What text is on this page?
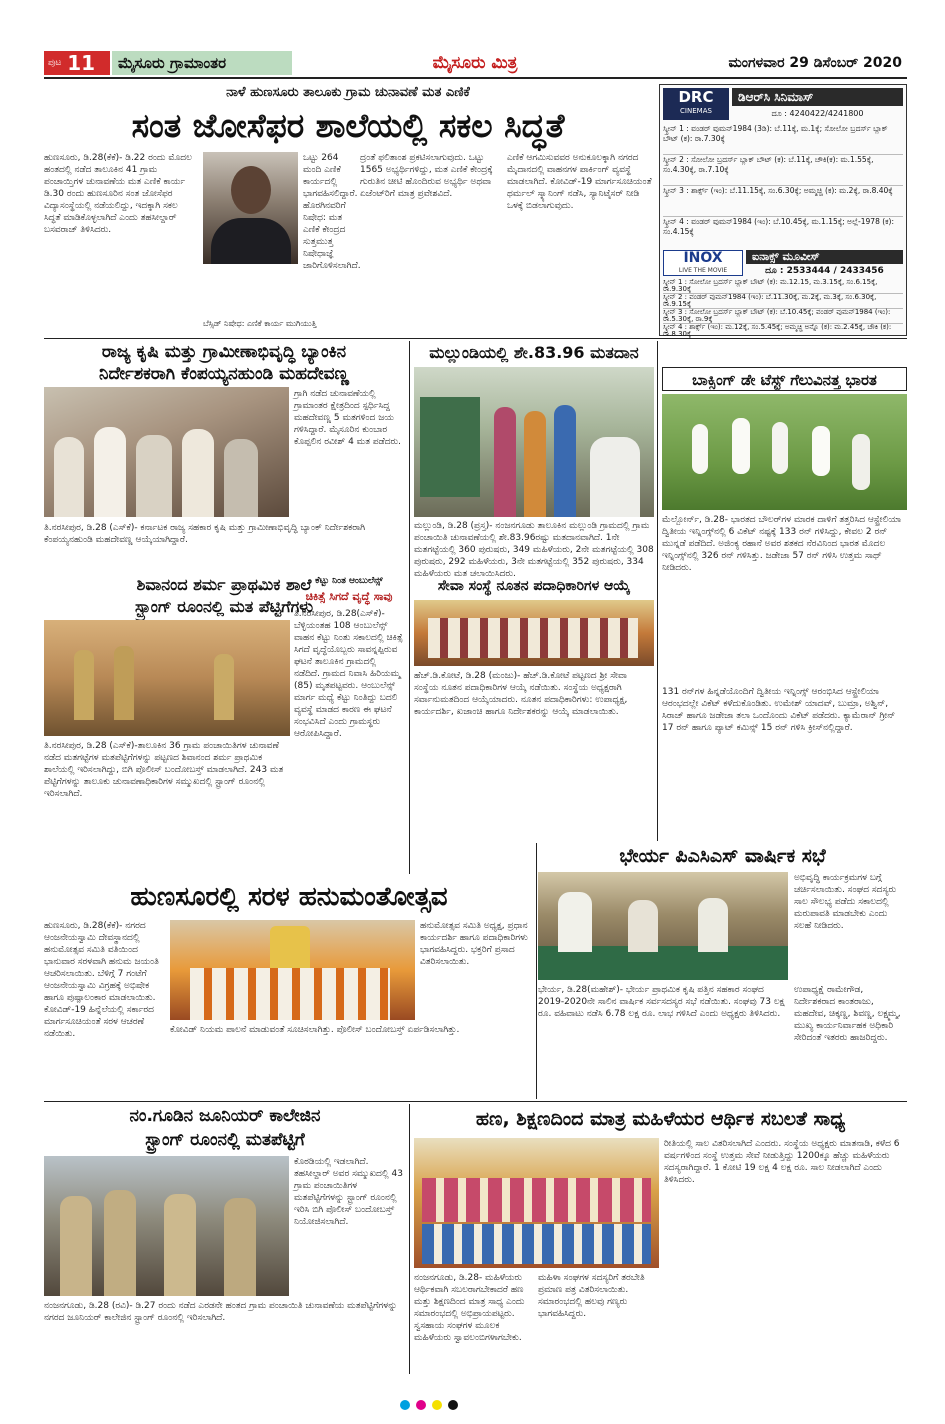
ಪುಟ 11	ಮೈಸೂರು ಗ್ರಾಮಾಂತರ	ಮೈಸೂರು ಮಿತ್ರ	ಮಂಗಳವಾರ 29 ಡಿಸೆಂಬರ್ 2020
ನಾಳೆ ಹುಣಸೂರು ತಾಲೂಕು ಗ್ರಾಮ ಚುನಾವಣೆ ಮತ ಎಣಿಕೆ
ಸಂತ ಜೋಸೆಫರ ಶಾಲೆಯಲ್ಲಿ ಸಕಲ ಸಿದ್ಧತೆ
ಹುಣಸೂರು, ಡಿ.28(ಕೆಕೆ)- ಡಿ.22 ರಂದು ಮೊದಲ ಹಂತದಲ್ಲಿ ನಡೆದ ತಾಲೂಕಿನ 41 ಗ್ರಾಮ ಪಂಚಾಯ್ತಿಗಳ ಚುನಾವಣೆಯ ಮತ ಎಣಿಕೆ ಕಾರ್ಯ ಡಿ.30 ರಂದು ಹುಣಸೂರಿನ ಸಂತ ಜೋಸೆಫರ ವಿದ್ಯಾಸಂಸ್ಥೆಯಲ್ಲಿ ನಡೆಯಲಿದ್ದು, ಇದಕ್ಕಾಗಿ ಸಕಲ ಸಿದ್ಧತೆ ಮಾಡಿಕೊಳ್ಳಲಾಗಿದೆ ಎಂದು ತಹಸೀಲ್ದಾರ್ ಬಸವರಾಜ್ ತಿಳಿಸಿದರು.
ಬೆಸ್ಸಿಡ್ ನಿಷೇಧ: ಎಣಿಕೆ ಕಾರ್ಯ ಮುಗಿಯುತ್ತಿ
ಒಟ್ಟು 264 ಮಂದಿ ಎಣಿಕೆ ಕಾರ್ಯದಲ್ಲಿ ಭಾಗವಹಿಸಲಿದ್ದಾರೆ. ಹೊರಗಿನವರಿಗೆ ನಿಷೇಧ: ಮತ ಎಣಿಕೆ ಕೇಂದ್ರದ ಸುತ್ತಮುತ್ತ ನಿಷೇಧಾಜ್ಞೆ ಜಾರಿಗೊಳಿಸಲಾಗಿದೆ.
ದ್ರಂತೆ ಫಲಿತಾಂಶ ಪ್ರಕಟಿಸಲಾಗುವುದು. ಒಟ್ಟು 1565 ಅಭ್ಯರ್ಥಿಗಳಿದ್ದು, ಮತ ಎಣಿಕೆ ಕೇಂದ್ರಕ್ಕೆ ಗುರುತಿನ ಚೀಟಿ ಹೊಂದಿರುವ ಅಭ್ಯರ್ಥಿ ಅಥವಾ ಏಜೆಂಟ್‌ರಿಗೆ ಮಾತ್ರ ಪ್ರವೇಶವಿದೆ.
ಎಣಿಕೆ ಆಗಮಿಸುವವರ ಅನುಕೂಲಕ್ಕಾಗಿ ನಗರದ ಮೈದಾನದಲ್ಲಿ ವಾಹನಗಳ ಪಾರ್ಕಿಂಗ್ ವ್ಯವಸ್ಥೆ ಮಾಡಲಾಗಿದೆ. ಕೋವಿಡ್-19 ಮಾರ್ಗಸೂಚಿಯಂತೆ ಥರ್ಮಲ್ ಸ್ಕ್ಯಾನಿಂಗ್ ನಡೆಸಿ, ಸ್ಯಾನಿಟೈಸರ್ ನೀಡಿ ಒಳಕ್ಕೆ ಬಿಡಲಾಗುವುದು.
DRC
CINEMAS
ಡಿಆರ್‌ಸಿ ಸಿನಿಮಾಸ್
ದೂ : 4240422/4241800
ಸ್ಕ್ರೀನ್ 1 : ವಂಡರ್ ವುಮನ್1984 (3ಡಿ): ಬೆ.11ಕ್ಕೆ, ಮ.1ಕ್ಕೆ; ಸೋಲೋ ಬ್ರದರ್ಸ್ ಬ್ಲಾಕ್ ಬೌಟ್ (ಕ): ರಾ.7.30ಕ್ಕೆ
ಸ್ಕ್ರೀನ್ 2 : ಸೋಲೋ ಬ್ರದರ್ಸ್ ಬ್ಲಾಕ್ ಬೌಟ್ (ಕ): ಬೆ.11ಕ್ಕೆ, ಚೌಕಿ(ಕ): ಮ.1.55ಕ್ಕೆ, ಸಂ.4.30ಕ್ಕೆ, ರಾ.7.10ಕ್ಕೆ
ಸ್ಕ್ರೀನ್ 3 : ಶಾರ್ಕ್ಸ್ (ಇಂ): ಬೆ.11.15ಕ್ಕೆ, ಸಂ.6.30ಕ್ಕೆ; ಅಮ್ಮಚ್ಚಿ (ಕ): ಮ.2ಕ್ಕೆ, ರಾ.8.40ಕ್ಕೆ
ಸ್ಕ್ರೀನ್ 4 : ವಂಡರ್ ವುಮನ್1984 (ಇಂ): ಬೆ.10.45ಕ್ಕೆ, ಮ.1.15ಕ್ಕೆ; ಅಲ್ಲೆ-1978 (ಕ): ಸಂ.4.15ಕ್ಕೆ
INOX
LIVE THE MOVIE
ಐನಾಕ್ಸ್ ಮೂವೀಸ್
ದೂ : 2533444 / 2433456
ಸ್ಕ್ರೀನ್ 1 : ಸೋಲೋ ಬ್ರದರ್ಸ್ ಬ್ಲಾಕ್ ಬೌಟ್ (ಕ): ಮ.12.15, ಮ.3.15ಕ್ಕೆ, ಸಂ.6.15ಕ್ಕೆ, ರಾ.9.30ಕ್ಕೆ
ಸ್ಕ್ರೀನ್ 2 : ವಂಡರ್ ವುಮನ್1984 (ಇಂ): ಬೆ.11.30ಕ್ಕೆ, ಮ.2ಕ್ಕೆ, ಮ.3ಕ್ಕೆ, ಸಂ.6.30ಕ್ಕೆ, ರಾ.9.15ಕ್ಕೆ
ಸ್ಕ್ರೀನ್ 3 : ಸೋಲೋ ಬ್ರದರ್ಸ್ ಬ್ಲಾಕ್ ಬೌಟ್ (ಕ): ಬೆ.10.45ಕ್ಕೆ; ವಂಡರ್ ವುಮನ್1984 (ಇಂ): ರಾ.5.30ಕ್ಕೆ, ರಾ.9ಕ್ಕೆ
ಸ್ಕ್ರೀನ್ 4 : ಶಾರ್ಕ್ಸ್ (ಇಂ): ಮ.12ಕ್ಕೆ, ಸಂ.5.45ಕ್ಕೆ; ಅಮ್ಮಚ್ಚಿ ಅನ್ನೊ (ಕ): ಮ.2.45ಕ್ಕೆ, ಚೌಕಿ (ಕ): ರಾ.8.30ಕ್ಕೆ
ರಾಜ್ಯ ಕೃಷಿ ಮತ್ತು ಗ್ರಾಮೀಣಾಭಿವೃದ್ಧಿ ಬ್ಯಾಂಕಿನ
ನಿರ್ದೇಶಕರಾಗಿ ಕೆಂಪಯ್ಯನಹುಂಡಿ ಮಹದೇವಣ್ಣ
ಗ್ರಾಗಿ ನಡೆದ ಚುನಾವಣೆಯಲ್ಲಿ ಗ್ರಾಮಾಂತರ ಕ್ಷೇತ್ರದಿಂದ ಸ್ಪರ್ಧಿಸಿದ್ದ ಮಹದೇವಣ್ಣ 5 ಮತಗಳಿಂದ ಜಯ ಗಳಿಸಿದ್ದಾರೆ. ಮೈಸೂರಿನ ಕುಂಬಾರ ಕೊಪ್ಪಲಿನ ರವೀಶ್ 4 ಮತ ಪಡೆದರು.
ತಿ.ನರಸೀಪುರ, ಡಿ.28 (ಎಸ್‌ಕೆ)- ಕರ್ನಾಟಕ ರಾಜ್ಯ ಸಹಕಾರ ಕೃಷಿ ಮತ್ತು ಗ್ರಾಮೀಣಾಭಿವೃದ್ಧಿ ಬ್ಯಾಂಕ್ ನಿರ್ದೇಶಕರಾಗಿ ಕೆಂಪಯ್ಯನಹುಂಡಿ ಮಹದೇವಣ್ಣ ಆಯ್ಕೆಯಾಗಿದ್ದಾರೆ.
ಮಲ್ಲುಂಡಿಯಲ್ಲಿ ಶೇ.83.96 ಮತದಾನ
ಮಲ್ಲುಂಡಿ, ಡಿ.28 (ಪ್ರಸ್ತ)- ನಂಜನಗೂಡು ತಾಲೂಕಿನ ಮಲ್ಲುಂಡಿ ಗ್ರಾಮದಲ್ಲಿ ಗ್ರಾಮ ಪಂಚಾಯಿತಿ ಚುನಾವಣೆಯಲ್ಲಿ ಶೇ.83.96ರಷ್ಟು ಮತದಾನವಾಗಿದೆ. 1ನೇ ಮತಗಟ್ಟೆಯಲ್ಲಿ 360 ಪುರುಷರು, 349 ಮಹಿಳೆಯರು, 2ನೇ ಮತಗಟ್ಟೆಯಲ್ಲಿ 308 ಪುರುಷರು, 292 ಮಹಿಳೆಯರು, 3ನೇ ಮತಗಟ್ಟೆಯಲ್ಲಿ 352 ಪುರುಷರು, 334 ಮಹಿಳೆಯರು ಮತ ಚಲಾಯಿಸಿದರು.
ಬಾಕ್ಸಿಂಗ್ ಡೇ ಟೆಸ್ಟ್ ಗೆಲುವಿನತ್ತ ಭಾರತ
ಮೆಲ್ಬೋರ್ನ್, ಡಿ.28- ಭಾರತದ ಬೌಲರ್‌ಗಳ ಮಾರಕ ದಾಳಿಗೆ ತತ್ತರಿಸಿದ ಆಸ್ಟ್ರೇಲಿಯಾ ದ್ವಿತೀಯ ಇನ್ನಿಂಗ್ಸ್‌ನಲ್ಲಿ 6 ವಿಕೆಟ್ ನಷ್ಟಕ್ಕೆ 133 ರನ್ ಗಳಿಸಿದ್ದು, ಕೇವಲ 2 ರನ್ ಮುನ್ನಡೆ ಪಡೆದಿದೆ. ಅಜಿಂಕ್ಯ ರಹಾನೆ ಅವರ ಶತಕದ ನೆರವಿನಿಂದ ಭಾರತ ಮೊದಲ ಇನ್ನಿಂಗ್ಸ್‌ನಲ್ಲಿ 326 ರನ್ ಗಳಿಸಿತ್ತು. ಜಡೇಜಾ 57 ರನ್ ಗಳಿಸಿ ಉತ್ತಮ ಸಾಥ್ ನೀಡಿದರು.
131 ರನ್‌ಗಳ ಹಿನ್ನಡೆಯೊಂದಿಗೆ ದ್ವಿತೀಯ ಇನ್ನಿಂಗ್ಸ್ ಆರಂಭಿಸಿದ ಆಸ್ಟ್ರೇಲಿಯಾ ಆರಂಭದಲ್ಲೇ ವಿಕೆಟ್ ಕಳೆದುಕೊಂಡಿತು. ಉಮೇಶ್ ಯಾದವ್, ಬುಮ್ರಾ, ಅಶ್ವಿನ್, ಸಿರಾಜ್ ಹಾಗೂ ಜಡೇಜಾ ತಲಾ ಒಂದೊಂದು ವಿಕೆಟ್ ಪಡೆದರು. ಕ್ಯಾಮೆರಾನ್ ಗ್ರೀನ್ 17 ರನ್ ಹಾಗೂ ಪ್ಯಾಟ್ ಕಮಿನ್ಸ್ 15 ರನ್ ಗಳಿಸಿ ಕ್ರೀಸ್‌ನಲ್ಲಿದ್ದಾರೆ.
ಶಿವಾನಂದ ಶರ್ಮ ಪ್ರಾಥಮಿಕ ಶಾಲೆ
ಸ್ಟ್ರಾಂಗ್ ರೂಂನಲ್ಲಿ ಮತ ಪೆಟ್ಟಿಗೆಗಳು
ತಿ.ನರಸೀಪುರ, ಡಿ.28 (ಎಸ್‌ಕೆ)-ತಾಲೂಕಿನ 36 ಗ್ರಾಮ ಪಂಚಾಯಿತಿಗಳ ಚುನಾವಣೆ ನಡೆದ ಮತಗಟ್ಟೆಗಳ ಮತಪೆಟ್ಟಿಗೆಗಳನ್ನು ಪಟ್ಟಣದ ಶಿವಾನಂದ ಶರ್ಮ ಪ್ರಾಥಮಿಕ ಶಾಲೆಯಲ್ಲಿ ಇರಿಸಲಾಗಿದ್ದು, ಬಿಗಿ ಪೊಲೀಸ್ ಬಂದೋಬಸ್ತ್ ಮಾಡಲಾಗಿದೆ. 243 ಮತ ಪೆಟ್ಟಿಗೆಗಳನ್ನು ತಾಲೂಕು ಚುನಾವಣಾಧಿಕಾರಿಗಳ ಸಮ್ಮುಖದಲ್ಲಿ ಸ್ಟ್ರಾಂಗ್ ರೂಂನಲ್ಲಿ ಇರಿಸಲಾಗಿದೆ.
ಕೆಟ್ಟು ನಿಂತ ಆಂಬುಲೆನ್ಸ್
ಚಿಕಿತ್ಸೆ ಸಿಗದೆ ವೃದ್ಧೆ ಸಾವು
ತಿ.ನರಸೀಪುರ, ಡಿ.28(ಎಸ್‌ಕೆ)- ಬೆಳ್ಳಿಯಂತಹ 108 ಆಂಬುಲೆನ್ಸ್ ವಾಹನ ಕೆಟ್ಟು ನಿಂತು ಸಕಾಲದಲ್ಲಿ ಚಿಕಿತ್ಸೆ ಸಿಗದೆ ವೃದ್ಧೆಯೊಬ್ಬರು ಸಾವನ್ನಪ್ಪಿರುವ ಘಟನೆ ತಾಲೂಕಿನ ಗ್ರಾಮದಲ್ಲಿ ನಡೆದಿದೆ. ಗ್ರಾಮದ ನಿವಾಸಿ ಹಿರಿಯಮ್ಮ (85) ಮೃತಪಟ್ಟವರು. ಆಂಬುಲೆನ್ಸ್ ಮಾರ್ಗ ಮಧ್ಯೆ ಕೆಟ್ಟು ನಿಂತಿದ್ದು ಬದಲಿ ವ್ಯವಸ್ಥೆ ಮಾಡದ ಕಾರಣ ಈ ಘಟನೆ ಸಂಭವಿಸಿದೆ ಎಂದು ಗ್ರಾಮಸ್ಥರು ಆರೋಪಿಸಿದ್ದಾರೆ.
ಸೇವಾ ಸಂಸ್ಥೆ ನೂತನ ಪದಾಧಿಕಾರಿಗಳ ಆಯ್ಕೆ
ಹೆಚ್.ಡಿ.ಕೋಟೆ, ಡಿ.28 (ಮಂಜು)- ಹೆಚ್.ಡಿ.ಕೋಟೆ ಪಟ್ಟಣದ ಶ್ರೀ ಸೇವಾ ಸಂಸ್ಥೆಯ ನೂತನ ಪದಾಧಿಕಾರಿಗಳ ಆಯ್ಕೆ ನಡೆಯಿತು. ಸಂಸ್ಥೆಯ ಅಧ್ಯಕ್ಷರಾಗಿ ಸರ್ವಾನುಮತದಿಂದ ಆಯ್ಕೆಯಾದರು. ನೂತನ ಪದಾಧಿಕಾರಿಗಳು: ಉಪಾಧ್ಯಕ್ಷ, ಕಾರ್ಯದರ್ಶಿ, ಖಜಾಂಚಿ ಹಾಗೂ ನಿರ್ದೇಶಕರನ್ನು ಆಯ್ಕೆ ಮಾಡಲಾಯಿತು.
ಭೇರ್ಯ ಪಿಎಸಿಎಸ್ ವಾರ್ಷಿಕ ಸಭೆ
ಅಭಿವೃದ್ಧಿ ಕಾರ್ಯಕ್ರಮಗಳ ಬಗ್ಗೆ ಚರ್ಚಿಸಲಾಯಿತು. ಸಂಘದ ಸದಸ್ಯರು ಸಾಲ ಸೌಲಭ್ಯ ಪಡೆದು ಸಕಾಲದಲ್ಲಿ ಮರುಪಾವತಿ ಮಾಡಬೇಕು ಎಂದು ಸಲಹೆ ನೀಡಿದರು.
ಭೇರ್ಯ, ಡಿ.28(ಮಹೇಶ್)- ಭೇರ್ಯ ಪ್ರಾಥಮಿಕ ಕೃಷಿ ಪತ್ತಿನ ಸಹಕಾರ ಸಂಘದ 2019-2020ನೇ ಸಾಲಿನ ವಾರ್ಷಿಕ ಸರ್ವಸದಸ್ಯರ ಸಭೆ ನಡೆಯಿತು. ಸಂಘವು 73 ಲಕ್ಷ ರೂ. ವಹಿವಾಟು ನಡೆಸಿ 6.78 ಲಕ್ಷ ರೂ. ಲಾಭ ಗಳಿಸಿದೆ ಎಂದು ಅಧ್ಯಕ್ಷರು ತಿಳಿಸಿದರು.
ಉಪಾಧ್ಯಕ್ಷೆ ರಾಮೇಗೌಡ, ನಿರ್ದೇಶಕರಾದ ಕಾಂತರಾಜು, ಮಹದೇವ, ಚಿಕ್ಕಣ್ಣ, ಶಿವಣ್ಣ, ಲಕ್ಷ್ಮಮ್ಮ, ಮುಖ್ಯ ಕಾರ್ಯನಿರ್ವಾಹಕ ಅಧಿಕಾರಿ ಸೇರಿದಂತೆ ಇತರರು ಹಾಜರಿದ್ದರು.
ಹುಣಸೂರಲ್ಲಿ ಸರಳ ಹನುಮಂತೋತ್ಸವ
ಹುಣಸೂರು, ಡಿ.28(ಕೆಕೆ)- ನಗರದ ಆಂಜನೇಯಸ್ವಾಮಿ ದೇವಸ್ಥಾನದಲ್ಲಿ ಹನುಮೋತ್ಸವ ಸಮಿತಿ ವತಿಯಿಂದ ಭಾನುವಾರ ಸರಳವಾಗಿ ಹನುಮ ಜಯಂತಿ ಆಚರಿಸಲಾಯಿತು. ಬೆಳಿಗ್ಗೆ 7 ಗಂಟೆಗೆ ಆಂಜನೇಯಸ್ವಾಮಿ ವಿಗ್ರಹಕ್ಕೆ ಅಭಿಷೇಕ ಹಾಗೂ ಪುಷ್ಪಾಲಂಕಾರ ಮಾಡಲಾಯಿತು. ಕೋವಿಡ್-19 ಹಿನ್ನೆಲೆಯಲ್ಲಿ ಸರ್ಕಾರದ ಮಾರ್ಗಸೂಚಿಯಂತೆ ಸರಳ ಆಚರಣೆ ನಡೆಯಿತು.
ಹನುಮೋತ್ಸವ ಸಮಿತಿ ಅಧ್ಯಕ್ಷ, ಪ್ರಧಾನ ಕಾರ್ಯದರ್ಶಿ ಹಾಗೂ ಪದಾಧಿಕಾರಿಗಳು ಭಾಗವಹಿಸಿದ್ದರು. ಭಕ್ತರಿಗೆ ಪ್ರಸಾದ ವಿತರಿಸಲಾಯಿತು.
ಕೋವಿಡ್ ನಿಯಮ ಪಾಲನೆ ಮಾಡುವಂತೆ ಸೂಚಿಸಲಾಗಿತ್ತು. ಪೊಲೀಸ್ ಬಂದೋಬಸ್ತ್ ಏರ್ಪಡಿಸಲಾಗಿತ್ತು.
ನಂ.ಗೂಡಿನ ಜೂನಿಯರ್ ಕಾಲೇಜಿನ
ಸ್ಟ್ರಾಂಗ್ ರೂಂನಲ್ಲಿ ಮತಪೆಟ್ಟಿಗೆ
ಕೊಠಡಿಯಲ್ಲಿ ಇಡಲಾಗಿದೆ. ತಹಸೀಲ್ದಾರ್ ಅವರ ಸಮ್ಮುಖದಲ್ಲಿ 43 ಗ್ರಾಮ ಪಂಚಾಯಿತಿಗಳ ಮತಪೆಟ್ಟಿಗೆಗಳನ್ನು ಸ್ಟ್ರಾಂಗ್ ರೂಂನಲ್ಲಿ ಇರಿಸಿ ಬಿಗಿ ಪೊಲೀಸ್ ಬಂದೋಬಸ್ತ್ ನಿಯೋಜಿಸಲಾಗಿದೆ.
ನಂಜನಗೂಡು, ಡಿ.28 (ರವಿ)- ಡಿ.27 ರಂದು ನಡೆದ ಎರಡನೇ ಹಂತದ ಗ್ರಾಮ ಪಂಚಾಯಿತಿ ಚುನಾವಣೆಯ ಮತಪೆಟ್ಟಿಗೆಗಳನ್ನು ನಗರದ ಜೂನಿಯರ್ ಕಾಲೇಜಿನ ಸ್ಟ್ರಾಂಗ್ ರೂಂನಲ್ಲಿ ಇರಿಸಲಾಗಿದೆ.
ಹಣ, ಶಿಕ್ಷಣದಿಂದ ಮಾತ್ರ ಮಹಿಳೆಯರ ಆರ್ಥಿಕ ಸಬಲತೆ ಸಾಧ್ಯ
ನಂಜನಗೂಡು, ಡಿ.28- ಮಹಿಳೆಯರು ಆರ್ಥಿಕವಾಗಿ ಸಬಲರಾಗಬೇಕಾದರೆ ಹಣ ಮತ್ತು ಶಿಕ್ಷಣದಿಂದ ಮಾತ್ರ ಸಾಧ್ಯ ಎಂದು ಸಮಾರಂಭದಲ್ಲಿ ಅಭಿಪ್ರಾಯಪಟ್ಟರು. ಸ್ವಸಹಾಯ ಸಂಘಗಳ ಮೂಲಕ ಮಹಿಳೆಯರು ಸ್ವಾವಲಂಬಿಗಳಾಗಬೇಕು.
ಮಹಿಳಾ ಸಂಘಗಳ ಸದಸ್ಯರಿಗೆ ತರಬೇತಿ ಪ್ರಮಾಣ ಪತ್ರ ವಿತರಿಸಲಾಯಿತು. ಸಮಾರಂಭದಲ್ಲಿ ಹಲವು ಗಣ್ಯರು ಭಾಗವಹಿಸಿದ್ದರು.
ರೀತಿಯಲ್ಲಿ ಸಾಲ ವಿತರಿಸಲಾಗಿದೆ ಎಂದರು. ಸಂಸ್ಥೆಯ ಅಧ್ಯಕ್ಷರು ಮಾತನಾಡಿ, ಕಳೆದ 6 ವರ್ಷಗಳಿಂದ ಸಂಸ್ಥೆ ಉತ್ತಮ ಸೇವೆ ನೀಡುತ್ತಿದ್ದು 1200ಕ್ಕೂ ಹೆಚ್ಚು ಮಹಿಳೆಯರು ಸದಸ್ಯರಾಗಿದ್ದಾರೆ. 1 ಕೋಟಿ 19 ಲಕ್ಷ 4 ಲಕ್ಷ ರೂ. ಸಾಲ ನೀಡಲಾಗಿದೆ ಎಂದು ತಿಳಿಸಿದರು.
